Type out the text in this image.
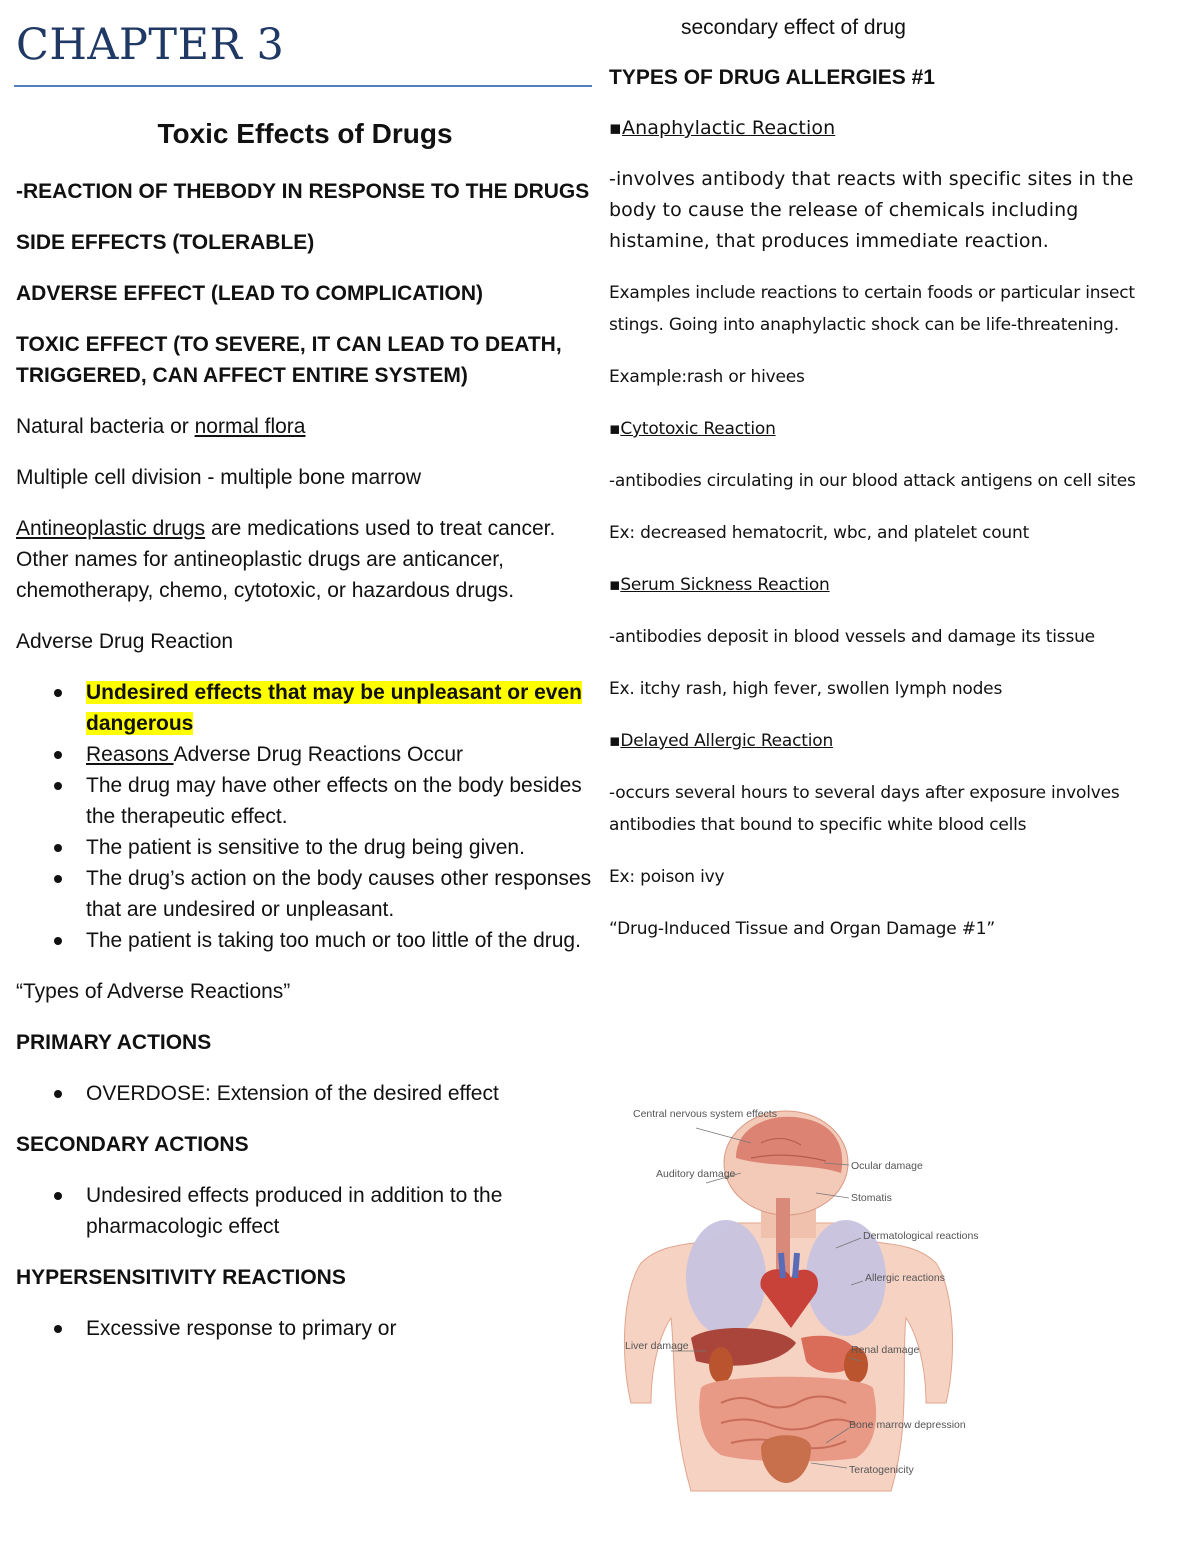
CHAPTER 3
Toxic Effects of Drugs

-REACTION OF THEBODY IN RESPONSE TO THE DRUGS

SIDE EFFECTS (TOLERABLE)

ADVERSE EFFECT (LEAD TO COMPLICATION)

TOXIC EFFECT (TO SEVERE, IT CAN LEAD TO DEATH, TRIGGERED, CAN AFFECT ENTIRE SYSTEM)

Natural bacteria or normal flora

Multiple cell division - multiple bone marrow

Antineoplastic drugs are medications used to treat cancer. Other names for antineoplastic drugs are anticancer, chemotherapy, chemo, cytotoxic, or hazardous drugs.

Adverse Drug Reaction

Undesired effects that may be unpleasant or even dangerous
Reasons Adverse Drug Reactions Occur
The drug may have other effects on the body besides the therapeutic effect.
The patient is sensitive to the drug being given.
The drug’s action on the body causes other responses that are undesired or unpleasant.
The patient is taking too much or too little of the drug.

“Types of Adverse Reactions”

PRIMARY ACTIONS

OVERDOSE: Extension of the desired effect

SECONDARY ACTIONS

Undesired effects produced in addition to the pharmacologic effect

HYPERSENSITIVITY REACTIONS

Excessive response to primary or
secondary effect of drug

TYPES OF DRUG ALLERGIES #1

▪Anaphylactic Reaction

-involves antibody that reacts with specific sites in the body to cause the release of chemicals including histamine, that produces immediate reaction.

Examples include reactions to certain foods or particular insect stings. Going into anaphylactic shock can be life-threatening.

Example:rash or hivees

▪Cytotoxic Reaction

-antibodies circulating in our blood attack antigens on cell sites

Ex: decreased hematocrit, wbc, and platelet count

▪Serum Sickness Reaction

-antibodies deposit in blood vessels and damage its tissue

Ex. itchy rash, high fever, swollen lymph nodes

▪Delayed Allergic Reaction

-occurs several hours to several days after exposure involves antibodies that bound to specific white blood cells

Ex: poison ivy

“Drug-Induced Tissue and Organ Damage #1”

Central nervous system effects
Auditory damage
Ocular damage
Stomatis
Dermatological reactions
Allergic reactions
Liver damage	Renal damage
Bone marrow depression
Teratogenicity
